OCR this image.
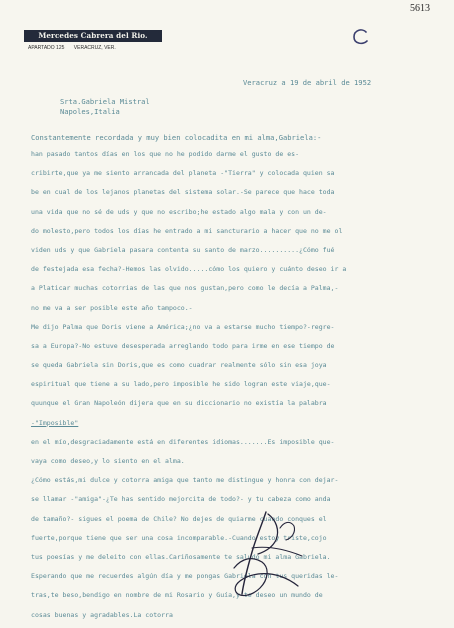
5613
Mercedes Cabrera del Rio.
APARTADO 125 VERACRUZ, VER.
Veracruz a 19 de abril de 1952
Srta.Gabriela Mistral
Napoles,Italia
Constantemente recordada y muy bien colocadita en mi alma,Gabriela:-
han pasado tantos días en los que no he podido darme el gusto de es-
cribirte,que ya me siento arrancada del planeta -"Tierra" y colocada quien sa
be en cual de los lejanos planetas del sistema solar.-Se parece que hace toda
una vida que no sé de uds y que no escribo;he estado algo mala y con un de-
do molesto,pero todos los días he entrado a mi sancturario a hacer que no me ol
viden uds y que Gabriela pasara contenta su santo de marzo..........¿Cómo fué
de festejada esa fecha?-Hemos las olvido.....cómo los quiero y cuánto deseo ir a
a Platicar muchas cotorrias de las que nos gustan,pero como le decía a Palma,-
no me va a ser posible este año tampoco.-
Me dijo Palma que Doris viene a América;¿no va a estarse mucho tiempo?-regre-
sa a Europa?-No estuve desesperada arreglando todo para irme en ese tiempo de
se queda Gabriela sin Doris,que es como cuadrar realmente sólo sin esa joya
espiritual que tiene a su lado,pero imposible he sido logran este viaje,que-
quunque el Gran Napoleón dijera que en su diccionario no existía la palabra
-"Imposible"
en el mío,desgraciadamente está en diferentes idiomas.......Es imposible que-
vaya como deseo,y lo siento en el alma.
¿Cómo estás,mi dulce y cotorra amiga que tanto me distingue y honra con dejar-
se llamar -"amiga"-¿Te has sentido mejorcita de todo?- y tu cabeza como anda
de tamaño?- sigues el poema de Chile? No dejes de quiarme cuando conques el
fuerte,porque tiene que ser una cosa incomparable.-Cuando estoy triste,cojo
tus poesías y me deleito con ellas.Cariñosamente te saludo mi alma Gabriela.
Esperando que me recuerdes algún día y me pongas Gabriela con tus queridas le-
tras,te beso,bendigo en nombre de mi Rosario y Guía,y te deseo un mundo de
cosas buenas y agradables.La cotorra
